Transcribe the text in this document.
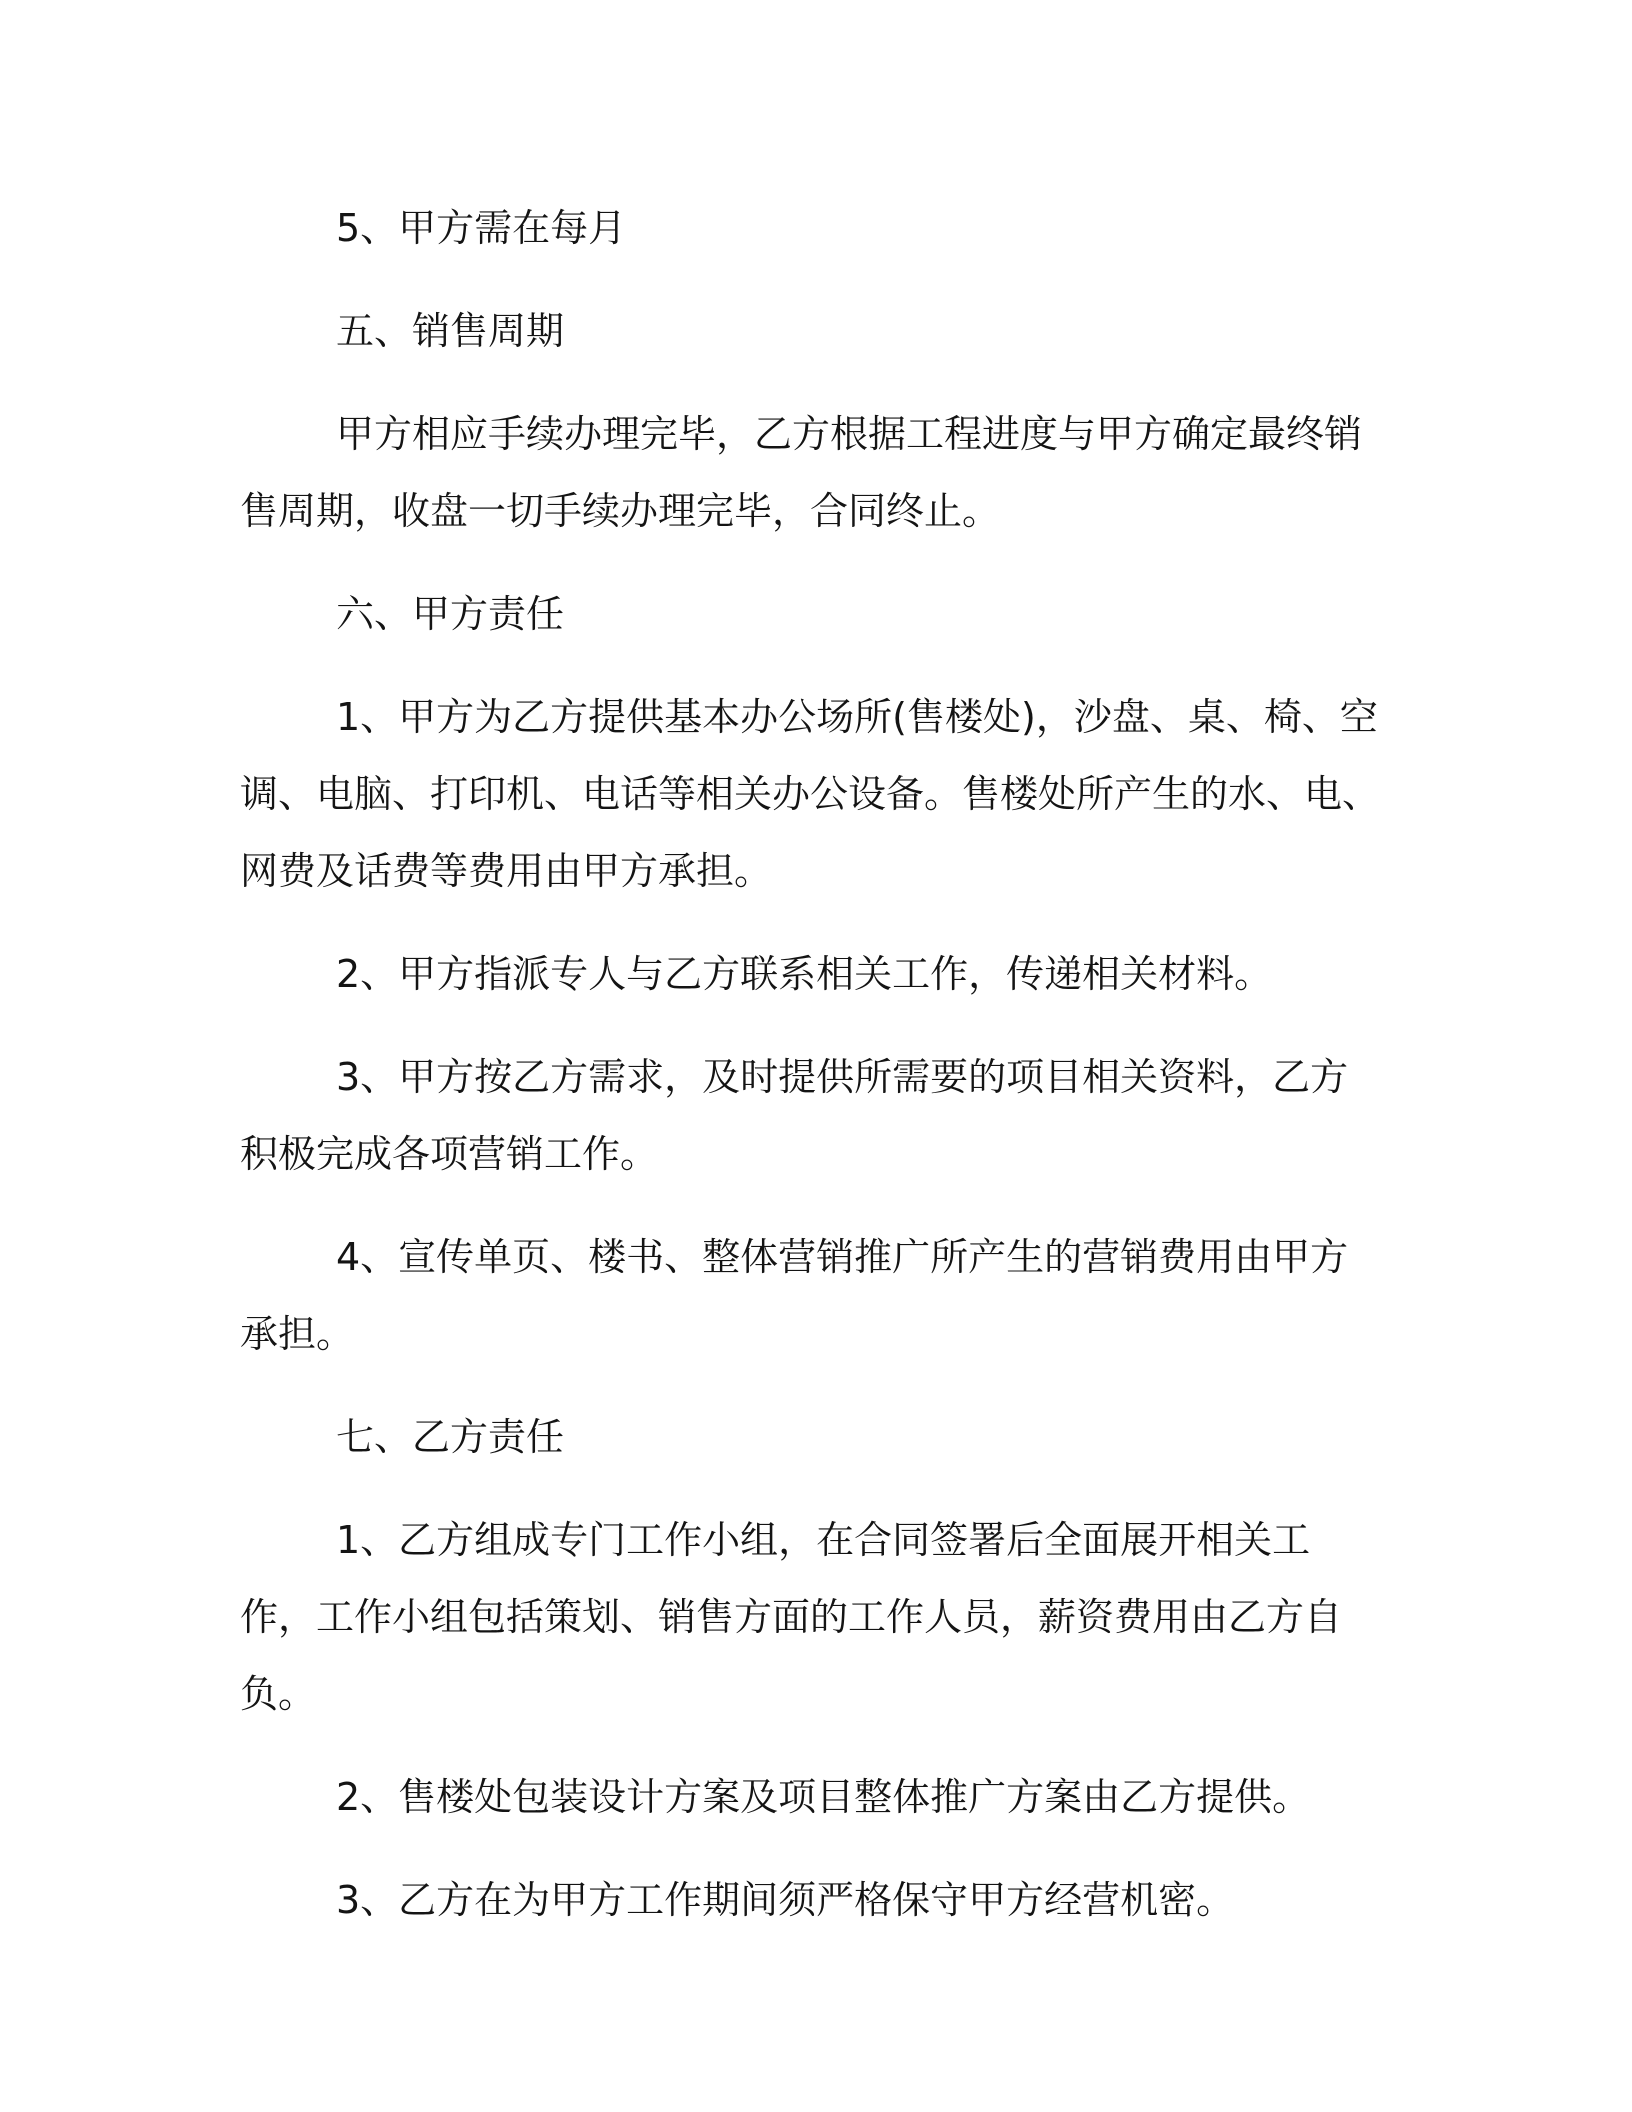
5、甲方需在每月

五、销售周期

甲方相应手续办理完毕，乙方根据工程进度与甲方确定最终销售周期，收盘一切手续办理完毕，合同终止。

六、甲方责任

1、甲方为乙方提供基本办公场所(售楼处)，沙盘、桌、椅、空调、电脑、打印机、电话等相关办公设备。售楼处所产生的水、电、网费及话费等费用由甲方承担。

2、甲方指派专人与乙方联系相关工作，传递相关材料。

3、甲方按乙方需求，及时提供所需要的项目相关资料，乙方积极完成各项营销工作。

4、宣传单页、楼书、整体营销推广所产生的营销费用由甲方承担。

七、乙方责任

1、乙方组成专门工作小组，在合同签署后全面展开相关工作，工作小组包括策划、销售方面的工作人员，薪资费用由乙方自负。

2、售楼处包装设计方案及项目整体推广方案由乙方提供。

3、乙方在为甲方工作期间须严格保守甲方经营机密。
